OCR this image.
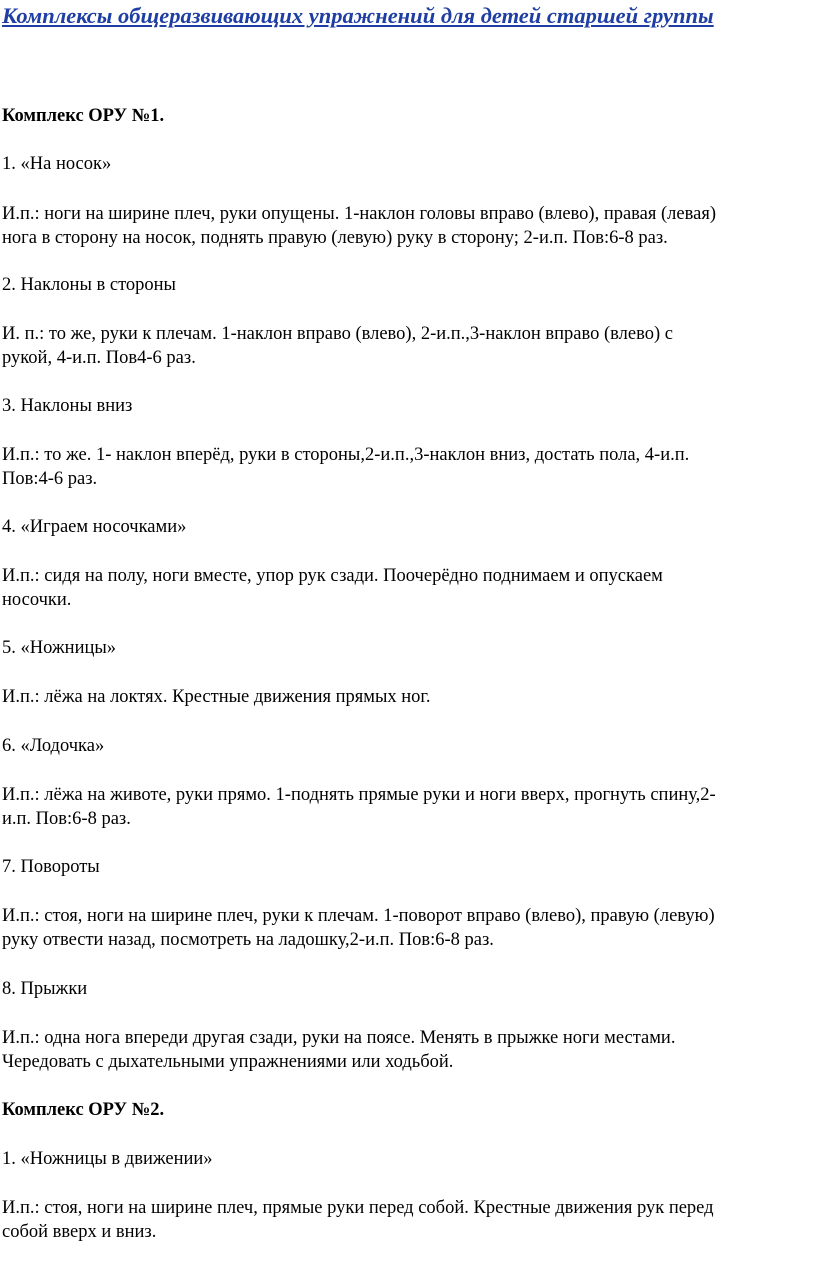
Комплексы общеразвивающих упражнений для детей старшей группы
Комплекс ОРУ №1.
1. «На носок»
И.п.: ноги на ширине плеч, руки опущены. 1-наклон головы вправо (влево), правая (левая)
нога в сторону на носок, поднять правую (левую) руку в сторону; 2-и.п. Пов:6-8 раз.
2. Наклоны в стороны
И. п.: то же, руки к плечам. 1-наклон вправо (влево), 2-и.п.,3-наклон вправо (влево) с
рукой, 4-и.п. Пов4-6 раз.
3. Наклоны вниз
И.п.: то же. 1- наклон вперёд, руки в стороны,2-и.п.,3-наклон вниз, достать пола, 4-и.п.
Пов:4-6 раз.
4. «Играем носочками»
И.п.: сидя на полу, ноги вместе, упор рук сзади. Поочерёдно поднимаем и опускаем
носочки.
5. «Ножницы»
И.п.: лёжа на локтях. Крестные движения прямых ног.
6. «Лодочка»
И.п.: лёжа на животе, руки прямо. 1-поднять прямые руки и ноги вверх, прогнуть спину,2-
и.п. Пов:6-8 раз.
7. Повороты
И.п.: стоя, ноги на ширине плеч, руки к плечам. 1-поворот вправо (влево), правую (левую)
руку отвести назад, посмотреть на ладошку,2-и.п. Пов:6-8 раз.
8. Прыжки
И.п.: одна нога впереди другая сзади, руки на поясе. Менять в прыжке ноги местами.
Чередовать с дыхательными упражнениями или ходьбой.
Комплекс ОРУ №2.
1. «Ножницы в движении»
И.п.: стоя, ноги на ширине плеч, прямые руки перед собой. Крестные движения рук перед
собой вверх и вниз.
